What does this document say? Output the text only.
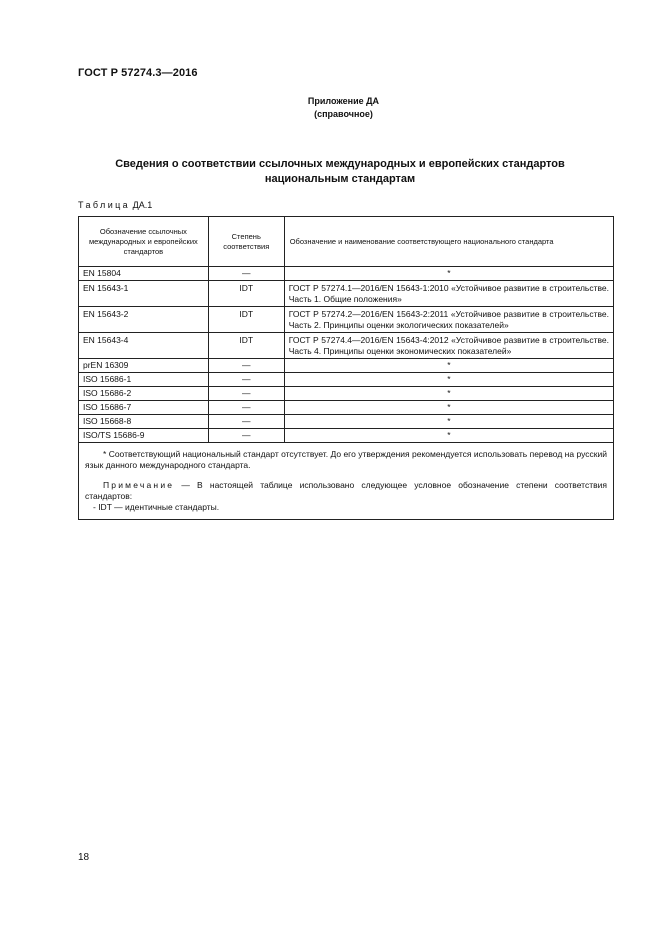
ГОСТ Р 57274.3—2016
Приложение ДА
(справочное)
Сведения о соответствии ссылочных международных и европейских стандартов
национальным стандартам
Таблица ДА.1
Обозначение ссылочных международных и европейских стандартов	Степень соответствия	Обозначение и наименование соответствующего национального стандарта
EN 15804	—	*
EN 15643-1	IDT	ГОСТ Р 57274.1—2016/EN 15643-1:2010 «Устойчивое развитие в строительстве. Часть 1. Общие положения»
EN 15643-2	IDT	ГОСТ Р 57274.2—2016/EN 15643-2:2011 «Устойчивое развитие в строительстве. Часть 2. Принципы оценки экологических показателей»
EN 15643-4	IDT	ГОСТ Р 57274.4—2016/EN 15643-4:2012 «Устойчивое развитие в строительстве. Часть 4. Принципы оценки экономических показателей»
prEN 16309	—	*
ISO 15686-1	—	*
ISO 15686-2	—	*
ISO 15686-7	—	*
ISO 15668-8	—	*
ISO/TS 15686-9	—	*

* Соответствующий национальный стандарт отсутствует. До его утверждения рекомендуется использовать перевод на русский язык данного международного стандарта.
Примечание — В настоящей таблице использовано следующее условное обозначение степени соответствия стандартов:
- IDT — идентичные стандарты.		
18
